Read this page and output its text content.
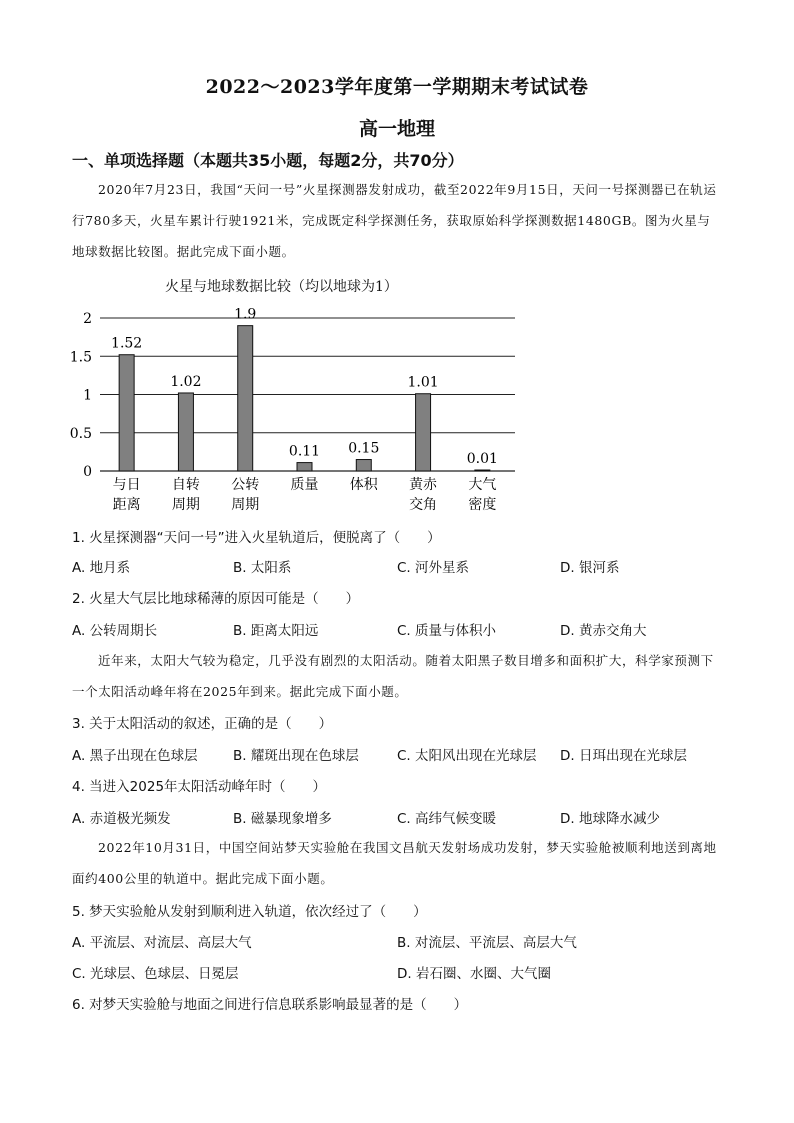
2022～2023学年度第一学期期末考试试卷
高一地理
一、单项选择题（本题共35小题，每题2分，共70分）
2020年7月23日，我国“天问一号”火星探测器发射成功，截至2022年9月15日，天问一号探测器已在轨运行780多天，火星车累计行驶1921米，完成既定科学探测任务，获取原始科学探测数据1480GB。图为火星与地球数据比较图。据此完成下面小题。
火星与地球数据比较（均以地球为1）
0
0.5
1
1.5
2
1.52
1.02
1.9
0.11 0.15
1.01
0.01
与日
距离
自转
周期
公转
周期
质量 体积 黄赤
交角
大气
密度
1. 火星探测器“天问一号”进入火星轨道后，便脱离了（　　）
A. 地月系	B. 太阳系	C. 河外星系	D. 银河系
2. 火星大气层比地球稀薄的原因可能是（　　）
A. 公转周期长	B. 距离太阳远	C. 质量与体积小	D. 黄赤交角大
近年来，太阳大气较为稳定，几乎没有剧烈的太阳活动。随着太阳黑子数目增多和面积扩大，科学家预测下一个太阳活动峰年将在2025年到来。据此完成下面小题。
3. 关于太阳活动的叙述，正确的是（　　）
A. 黑子出现在色球层	B. 耀斑出现在色球层	C. 太阳风出现在光球层 D. 日珥出现在光球层
4. 当进入2025年太阳活动峰年时（　　）
A. 赤道极光频发	B. 磁暴现象增多	C. 高纬气候变暖	D. 地球降水减少
2022年10月31日，中国空间站梦天实验舱在我国文昌航天发射场成功发射，梦天实验舱被顺利地送到离地面约400公里的轨道中。据此完成下面小题。
5. 梦天实验舱从发射到顺利进入轨道，依次经过了（　　）
A. 平流层、对流层、高层大气	B. 对流层、平流层、高层大气
C. 光球层、色球层、日冕层	D. 岩石圈、水圈、大气圈
6. 对梦天实验舱与地面之间进行信息联系影响最显著的是（　　）
